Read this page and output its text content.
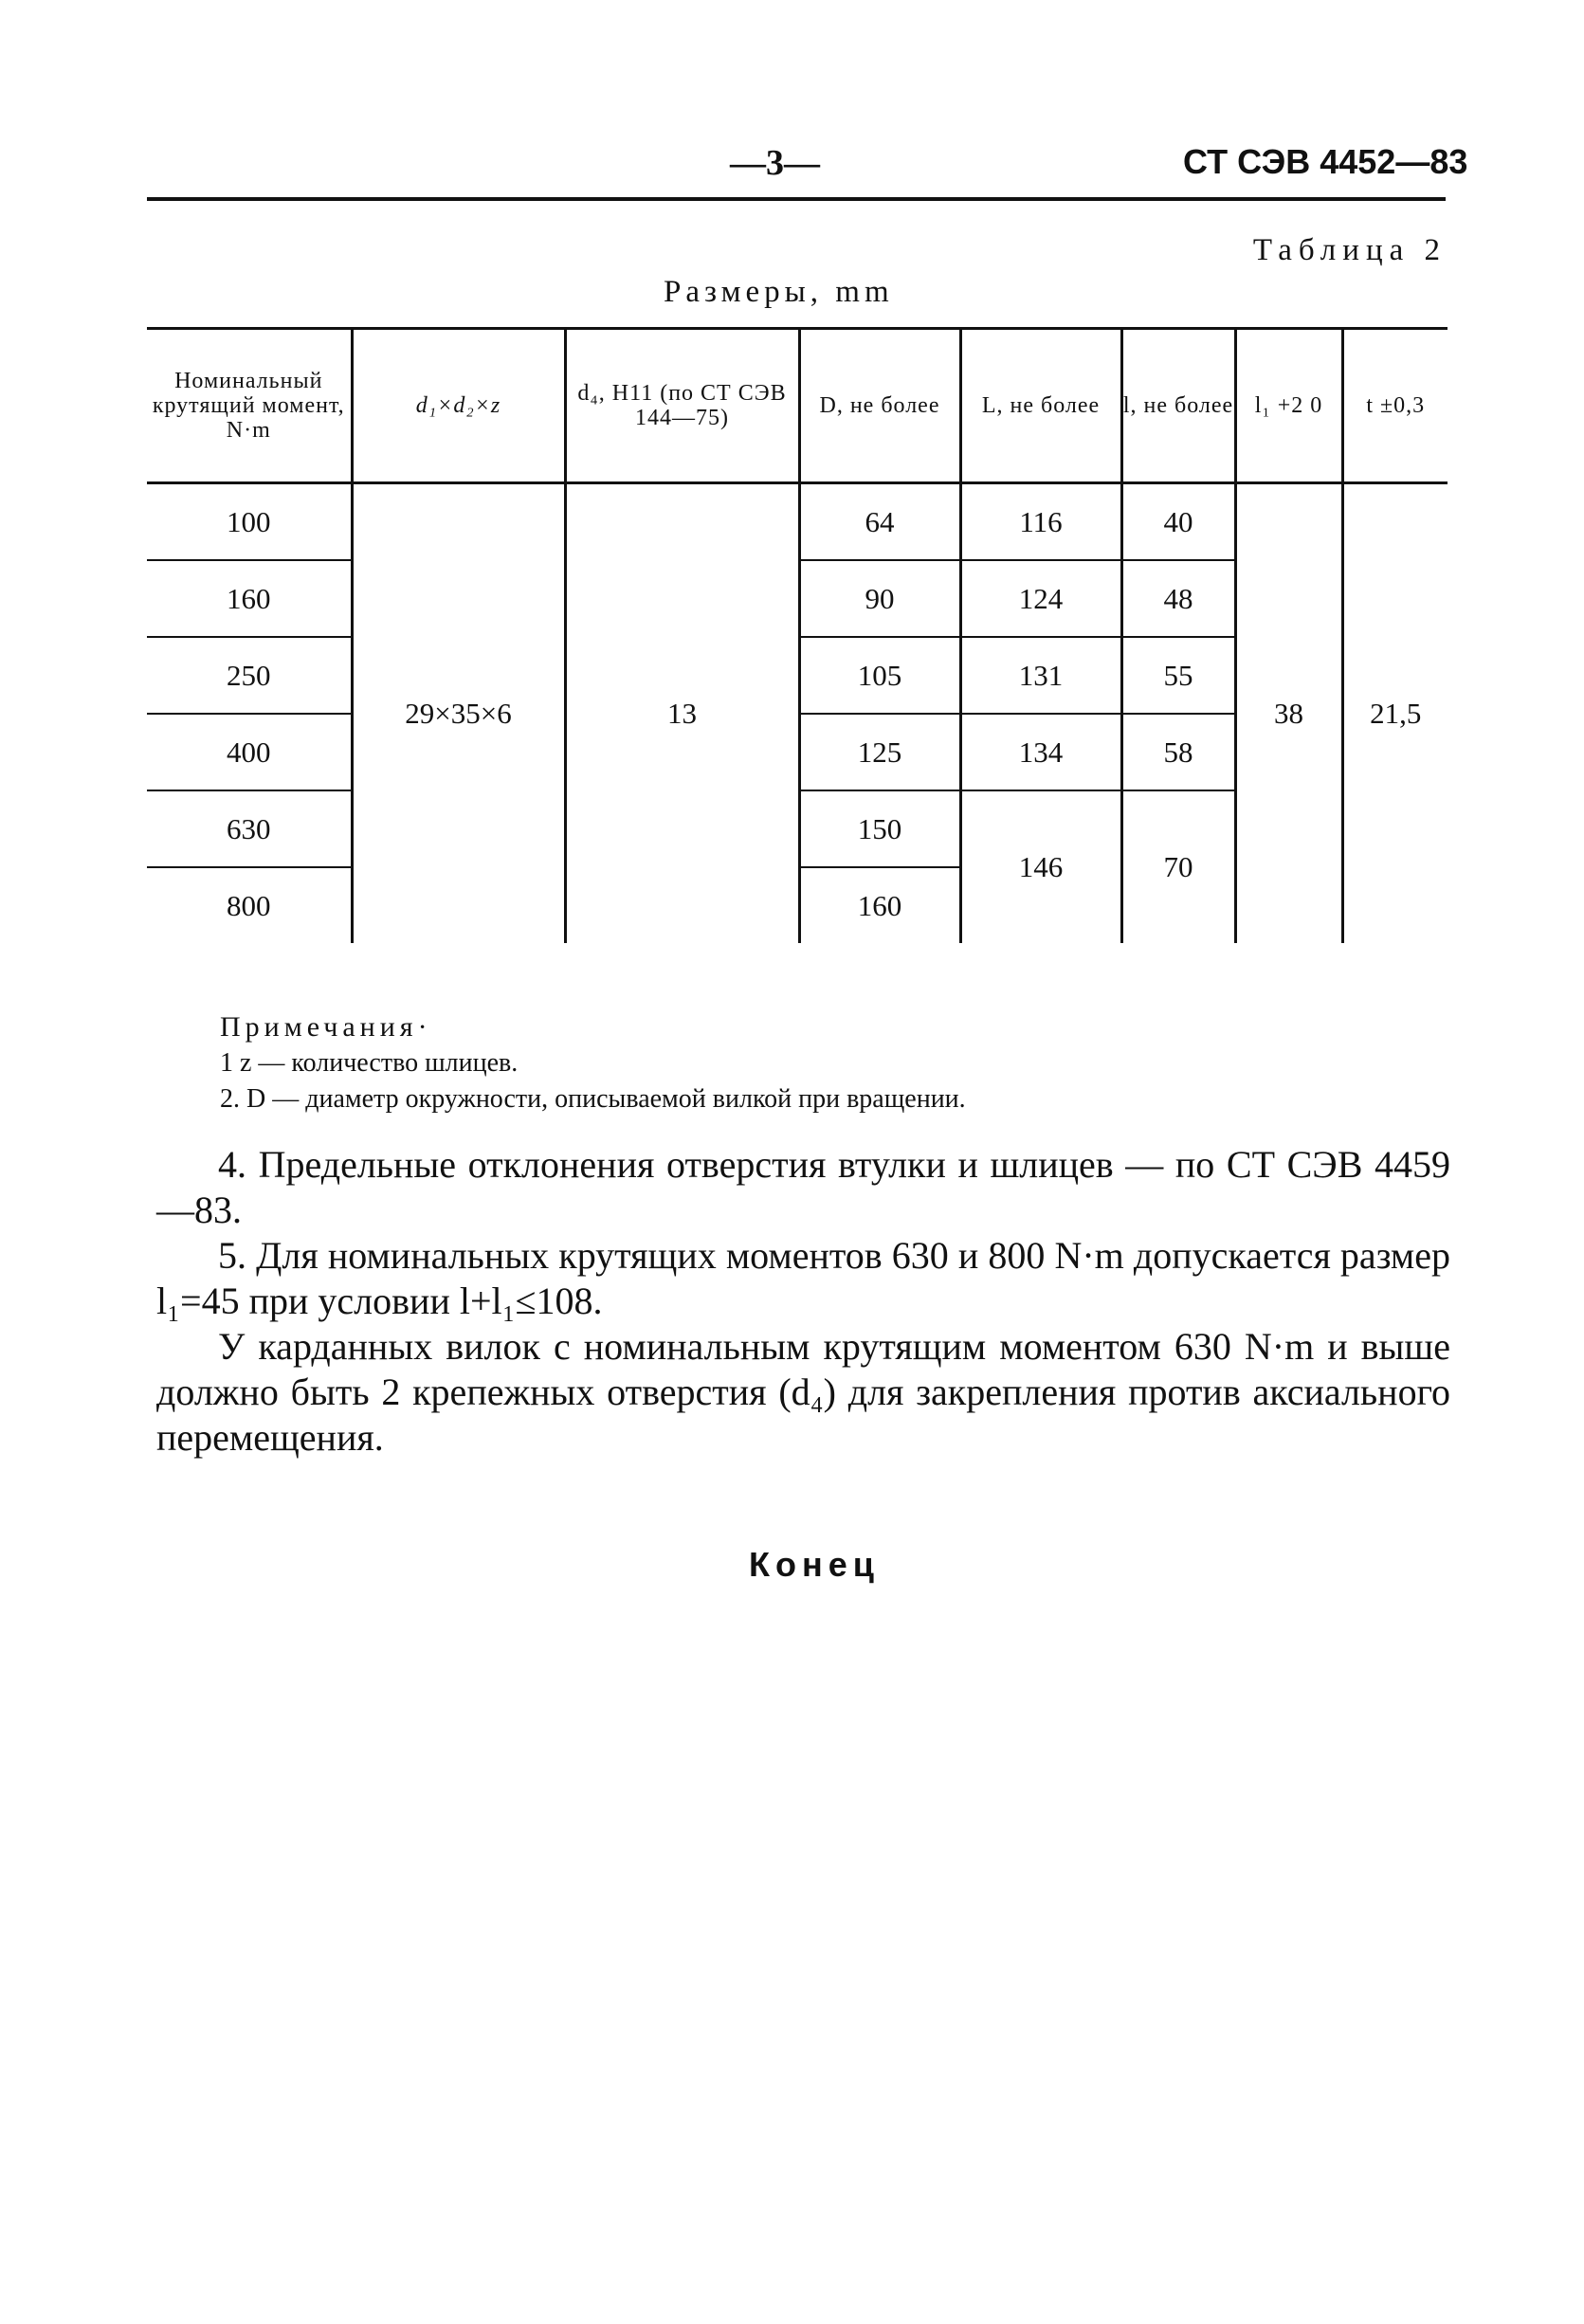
—3—	СТ СЭВ 4452—83
Таблица 2
Размеры, mm
Номинальный крутящий момент, N·m	d₁×d₂×z	d₄, H11 (по СТ СЭВ 144—75)	D, не более	L, не более	l, не более	l₁ +2 0	t ±0,3
100	29×35×6	13	64	116	40	38	21,5
160			90	124	48		
250			105	131	55		
400			125	134	58		
630			150	146	70		
800			160				
Примечания·
1 z — количество шлицев.
2. D — диаметр окружности, описываемой вилкой при вращении.

4. Предельные отклонения отверстия втулки и шлицев — по СТ СЭВ 4459—83.

5. Для номинальных крутящих моментов 630 и 800 N·m допускается размер l₁=45 при условии l+l₁≤108.

У карданных вилок с номинальным крутящим моментом 630 N·m и выше должно быть 2 крепежных отверстия (d₄) для закрепления против аксиального перемещения.

Конец
